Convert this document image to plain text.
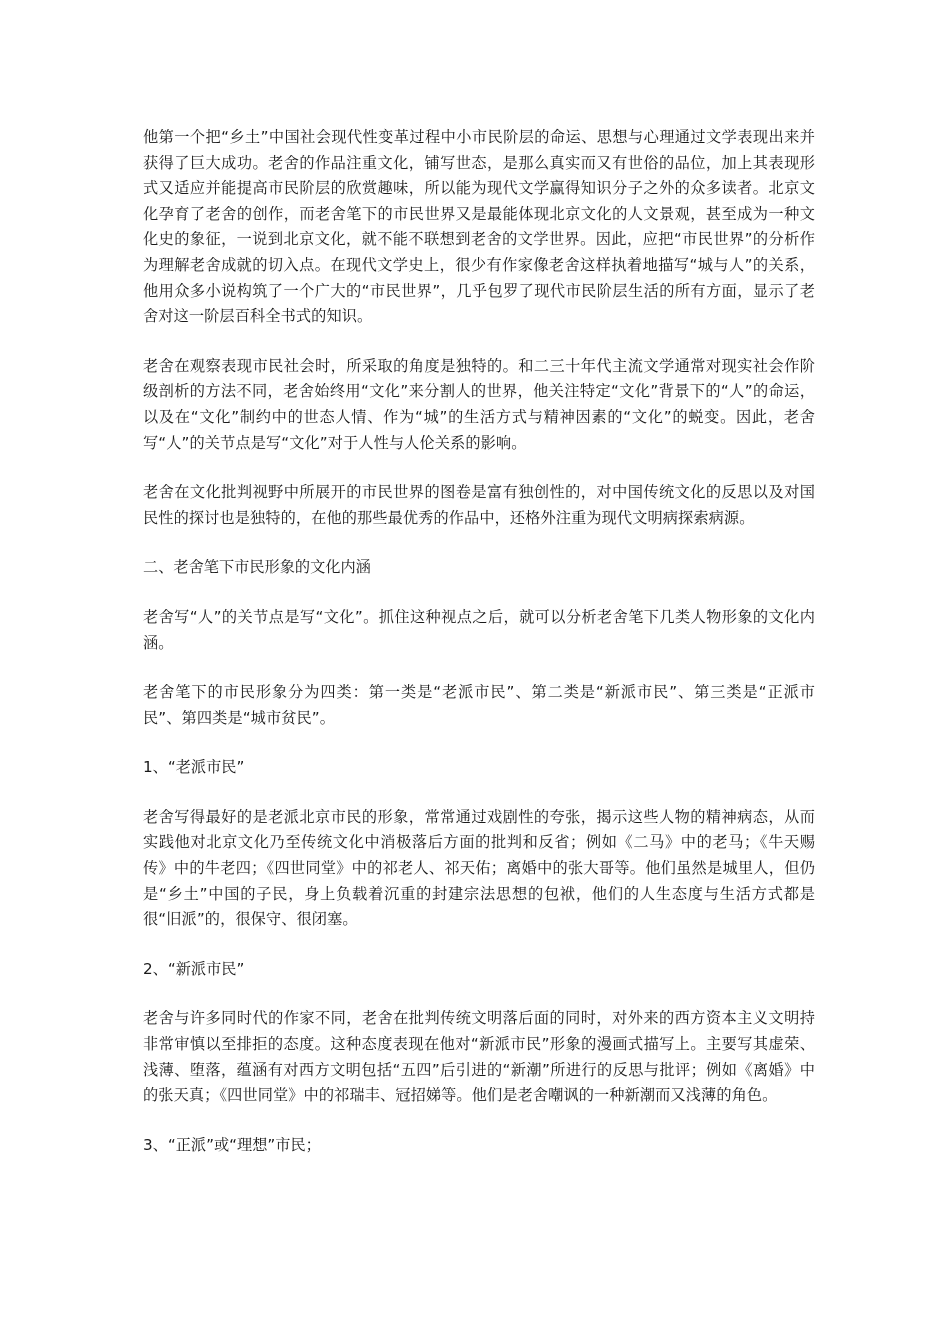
他第一个把“乡土”中国社会现代性变革过程中小市民阶层的命运、思想与心理通过文学表现出来并获得了巨大成功。老舍的作品注重文化，铺写世态，是那么真实而又有世俗的品位，加上其表现形式又适应并能提高市民阶层的欣赏趣味，所以能为现代文学赢得知识分子之外的众多读者。北京文化孕育了老舍的创作，而老舍笔下的市民世界又是最能体现北京文化的人文景观，甚至成为一种文化史的象征，一说到北京文化，就不能不联想到老舍的文学世界。因此，应把“市民世界”的分析作为理解老舍成就的切入点。在现代文学史上，很少有作家像老舍这样执着地描写“城与人”的关系，他用众多小说构筑了一个广大的“市民世界”，几乎包罗了现代市民阶层生活的所有方面，显示了老舍对这一阶层百科全书式的知识。

老舍在观察表现市民社会时，所采取的角度是独特的。和二三十年代主流文学通常对现实社会作阶级剖析的方法不同，老舍始终用“文化”来分割人的世界，他关注特定“文化”背景下的“人”的命运，以及在“文化”制约中的世态人情、作为“城”的生活方式与精神因素的“文化”的蜕变。因此，老舍写“人”的关节点是写“文化”对于人性与人伦关系的影响。

老舍在文化批判视野中所展开的市民世界的图卷是富有独创性的，对中国传统文化的反思以及对国民性的探讨也是独特的，在他的那些最优秀的作品中，还格外注重为现代文明病探索病源。

二、老舍笔下市民形象的文化内涵

老舍写“人”的关节点是写“文化”。抓住这种视点之后，就可以分析老舍笔下几类人物形象的文化内涵。

老舍笔下的市民形象分为四类：第一类是“老派市民”、第二类是“新派市民”、第三类是“正派市民”、第四类是“城市贫民”。

1、“老派市民”

老舍写得最好的是老派北京市民的形象，常常通过戏剧性的夸张，揭示这些人物的精神病态，从而实践他对北京文化乃至传统文化中消极落后方面的批判和反省；例如《二马》中的老马；《牛天赐传》中的牛老四；《四世同堂》中的祁老人、祁天佑；离婚中的张大哥等。他们虽然是城里人，但仍是“乡土”中国的子民，身上负载着沉重的封建宗法思想的包袱，他们的人生态度与生活方式都是很“旧派”的，很保守、很闭塞。

2、“新派市民”

老舍与许多同时代的作家不同，老舍在批判传统文明落后面的同时，对外来的西方资本主义文明持非常审慎以至排拒的态度。这种态度表现在他对“新派市民”形象的漫画式描写上。主要写其虚荣、浅薄、堕落，蕴涵有对西方文明包括“五四”后引进的“新潮”所进行的反思与批评；例如《离婚》中的张天真；《四世同堂》中的祁瑞丰、冠招娣等。他们是老舍嘲讽的一种新潮而又浅薄的角色。

3、“正派”或“理想”市民；
